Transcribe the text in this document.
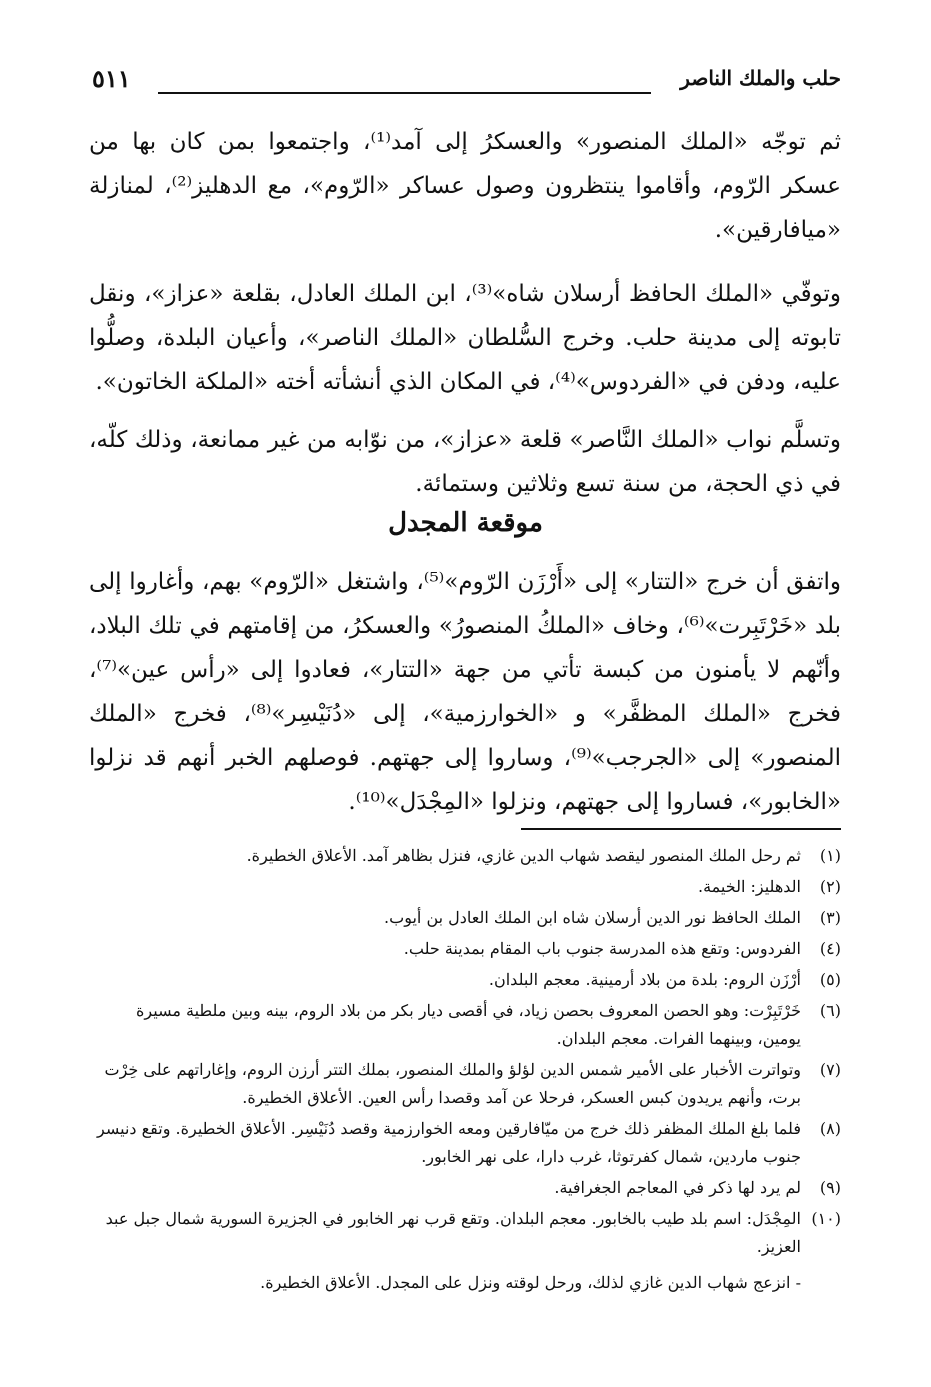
حلب والملك الناصر
٥١١

ثم توجّه «الملك المنصور» والعسكرُ إلى آمد⁽¹⁾، واجتمعوا بمن كان بها من عسكر الرّوم، وأقاموا ينتظرون وصول عساكر «الرّوم»، مع الدهليز⁽²⁾، لمنازلة «ميافارقين».

وتوفّي «الملك الحافظ أرسلان شاه»⁽³⁾، ابن الملك العادل، بقلعة «عزاز»، ونقل تابوته إلى مدينة حلب. وخرج السُّلطان «الملك الناصر»، وأعيان البلدة، وصلُّوا عليه، ودفن في «الفردوس»⁽⁴⁾، في المكان الذي أنشأته أخته «الملكة الخاتون».

وتسلَّم نواب «الملك النَّاصر» قلعة «عزاز»، من نوّابه من غير ممانعة، وذلك كلّه، في ذي الحجة، من سنة تسع وثلاثين وستمائة.

موقعة المجدل

واتفق أن خرج «التتار» إلى «أَرْزَن الرّوم»⁽⁵⁾، واشتغل «الرّوم» بهم، وأغاروا إلى بلد «خَرْتَبِرت»⁽⁶⁾، وخاف «الملكُ المنصورُ» والعسكرُ، من إقامتهم في تلك البلاد، وأنّهم لا يأمنون من كبسة تأتي من جهة «التتار»، فعادوا إلى «رأس عين»⁽⁷⁾، فخرج «الملك المظفَّر» و «الخوارزمية»، إلى «دُنَيْسِر»⁽⁸⁾، فخرج «الملك المنصور» إلى «الجرجب»⁽⁹⁾، وساروا إلى جهتهم. فوصلهم الخبر أنهم قد نزلوا «الخابور»، فساروا إلى جهتهم، ونزلوا «المِجْدَل»⁽¹⁰⁾.

(١)
ثم رحل الملك المنصور ليقصد شهاب الدين غازي، فنزل بظاهر آمد. الأعلاق الخطيرة.
(٢)
الدهليز: الخيمة.
(٣)
الملك الحافظ نور الدين أرسلان شاه ابن الملك العادل بن أيوب.
(٤)
الفردوس: وتقع هذه المدرسة جنوب باب المقام بمدينة حلب.
(٥)
أرْزَن الروم: بلدة من بلاد أرمينية. معجم البلدان.
(٦)
خَرْتَبِرْت: وهو الحصن المعروف بحصن زياد، في أقصى ديار بكر من بلاد الروم، بينه وبين ملطية مسيرة يومين، وبينهما الفرات. معجم البلدان.
(٧)
وتواترت الأخبار على الأمير شمس الدين لؤلؤ والملك المنصور، بملك التتر أرزن الروم، وإغاراتهم على خِرْت برت، وأنهم يريدون كبس العسكر، فرحلا عن آمد وقصدا رأس العين. الأعلاق الخطيرة.
(٨)
فلما بلغ الملك المظفر ذلك خرج من ميّافارقين ومعه الخوارزمية وقصد دُنَيْسِر. الأعلاق الخطيرة. وتقع دنيسر جنوب ماردين، شمال كفرتوثا، غرب دارا، على نهر الخابور.
(٩)
لم يرد لها ذكر في المعاجم الجغرافية.
(١٠)
المِجْدَل: اسم بلد طيب بالخابور. معجم البلدان. وتقع قرب نهر الخابور في الجزيرة السورية شمال جبل عبد العزيز.
- انزعج شهاب الدين غازي لذلك، ورحل لوقته ونزل على المجدل. الأعلاق الخطيرة.
